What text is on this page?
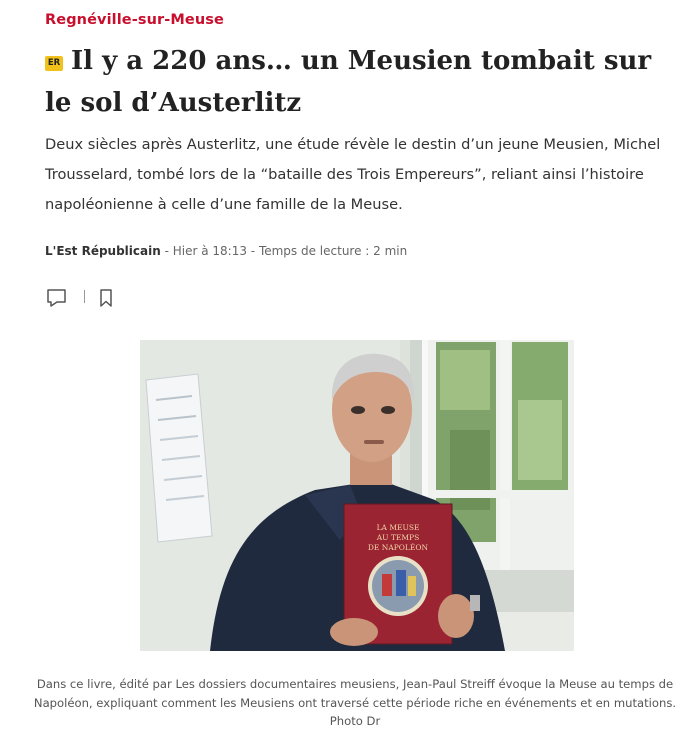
Regnéville-sur-Meuse
ER Il y a 220 ans… un Meusien tombait sur le sol d’Austerlitz

Deux siècles après Austerlitz, une étude révèle le destin d’un jeune Meusien, Michel Trousselard, tombé lors de la “bataille des Trois Empereurs”, reliant ainsi l’histoire napoléonienne à celle d’une famille de la Meuse.

L'Est Républicain - Hier à 18:13 - Temps de lecture : 2 min
LA MEUSE
AU TEMPS
DE NAPOLÉON

Dans ce livre, édité par Les dossiers documentaires meusiens, Jean-Paul Streiff évoque la Meuse au temps de Napoléon, expliquant comment les Meusiens ont traversé cette période riche en événements et en mutations. Photo Dr
